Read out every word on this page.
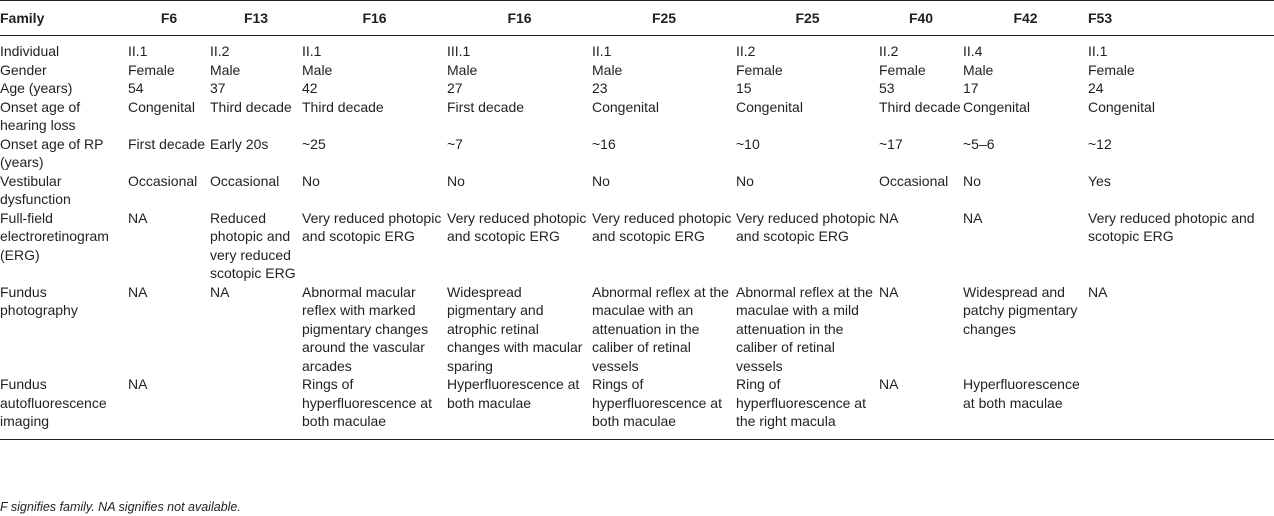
Family	F6	F13	F16	F16	F25	F25	F40	F42	F53
Individual	II.1	II.2	II.1	III.1	II.1	II.2	II.2	II.4	II.1
Gender	Female	Male	Male	Male	Male	Female	Female	Male	Female
Age (years)	54	37	42	27	23	15	53	17	24
Onset age of hearing loss	Congenital	Third decade	Third decade	First decade	Congenital	Congenital	Third decade	Congenital	Congenital
Onset age of RP (years)	First decade	Early 20s	~25	~7	~16	~10	~17	~5–6	~12
Vestibular dysfunction	Occasional	Occasional	No	No	No	No	Occasional	No	Yes
Full-field electroretinogram (ERG)	NA	Reduced photopic and very reduced scotopic ERG	Very reduced photopic and scotopic ERG	Very reduced photopic and scotopic ERG	Very reduced photopic and scotopic ERG	Very reduced photopic and scotopic ERG	NA	NA	Very reduced photopic and scotopic ERG
Fundus photography	NA	NA	Abnormal macular reflex with marked pigmentary changes around the vascular arcades	Widespread pigmentary and atrophic retinal changes with macular sparing	Abnormal reflex at the maculae with an attenuation in the caliber of retinal vessels	Abnormal reflex at the maculae with a mild attenuation in the caliber of retinal vessels	NA	Widespread and patchy pigmentary changes	NA
Fundus autofluorescence imaging	NA		Rings of hyperfluorescence at both maculae	Hyperfluorescence at both maculae	Rings of hyperfluorescence at both maculae	Ring of hyperfluorescence at the right macula	NA	Hyperfluorescence at both maculae	
F signifies family. NA signifies not available.
